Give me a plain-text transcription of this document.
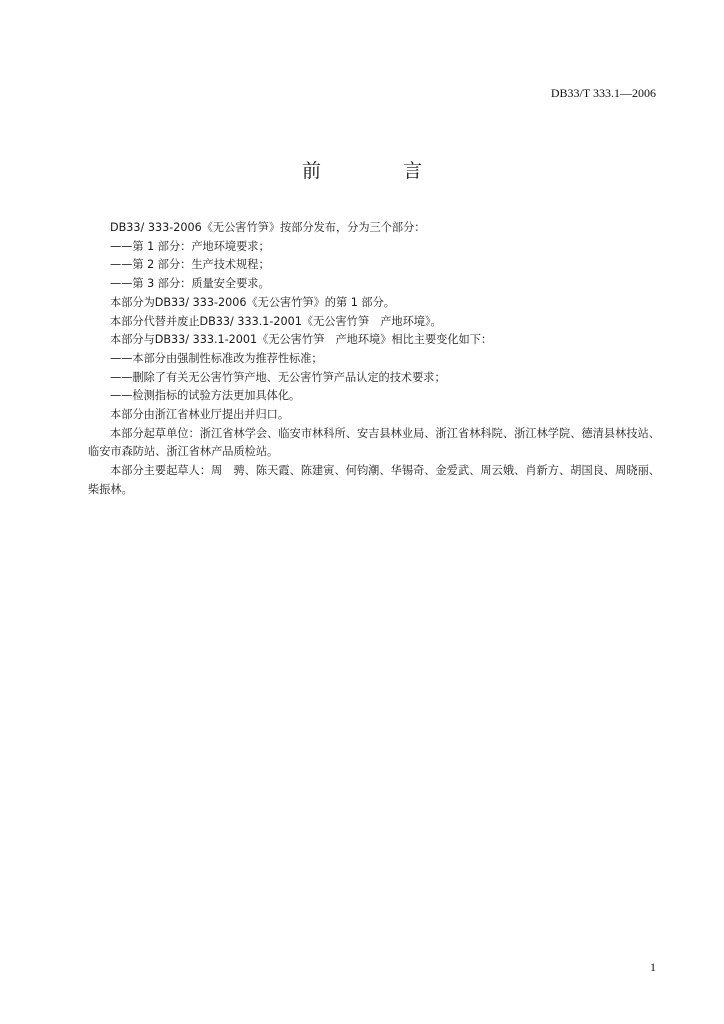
DB33/T 333.1—2006
前 言

DB33/ 333-2006《无公害竹笋》按部分发布，分为三个部分：

——第 1 部分：产地环境要求；

——第 2 部分：生产技术规程；

——第 3 部分：质量安全要求。

本部分为DB33/ 333-2006《无公害竹笋》的第 1 部分。

本部分代替并废止DB33/ 333.1-2001《无公害竹笋　产地环境》。

本部分与DB33/ 333.1-2001《无公害竹笋　产地环境》相比主要变化如下：

——本部分由强制性标准改为推荐性标准；

——删除了有关无公害竹笋产地、无公害竹笋产品认定的技术要求；

——检测指标的试验方法更加具体化。

本部分由浙江省林业厅提出并归口。

本部分起草单位：浙江省林学会、临安市林科所、安吉县林业局、浙江省林科院、浙江林学院、德清县林技站、临安市森防站、浙江省林产品质检站。

本部分主要起草人：周　骋、陈天霞、陈建寅、何钧潮、华锡奇、金爱武、周云娥、肖新方、胡国良、周晓丽、柴振林。

1
